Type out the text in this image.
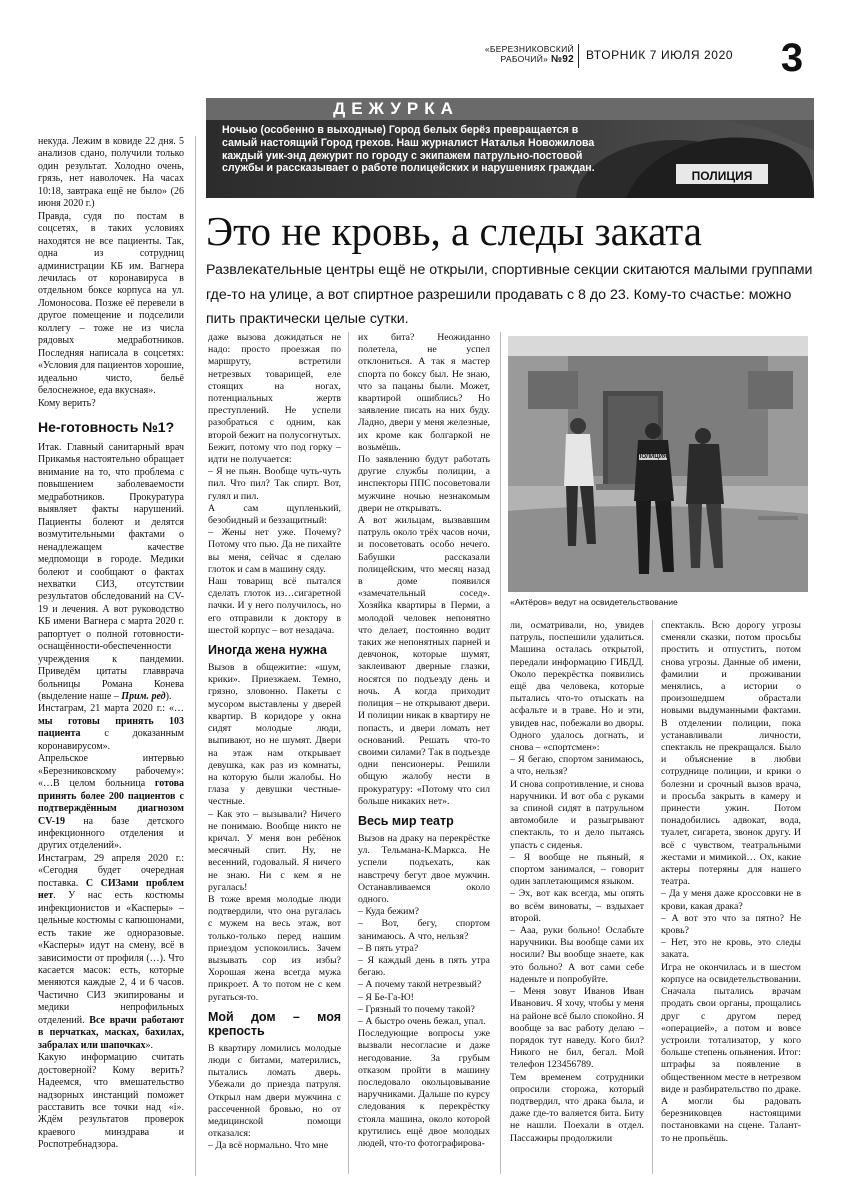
«БЕРЕЗНИКОВСКИЙ
РАБОЧИЙ» №92 ВТОРНИК 7 ИЮЛЯ 2020 3
ДЕЖУРКА
Ночью (особенно в выходные) Город белых берёз превращается в самый настоящий Город грехов. Наш журналист Наталья Новожилова каждый уик-энд дежурит по городу с экипажем патрульно-постовой службы и рассказывает о работе полицейских и нарушениях граждан.
ПОЛИЦИЯ
Это не кровь, а следы заката
Развлекательные центры ещё не открыли, спортивные секции скитаются малыми группами где-то на улице, а вот спиртное разрешили продавать с 8 до 23. Кому-то счастье: можно пить практически целые сутки.

некуда. Лежим в ковиде 22 дня. 5 анализов сдано, получили только один результат. Холодно очень, грязь, нет наволочек. На часах 10:18, завтрака ещё не было» (26 июня 2020 г.)

Правда, судя по постам в соцсетях, в таких условиях находятся не все пациенты. Так, одна из сотрудниц администрации КБ им. Вагнера лечилась от коронавируса в отдельном боксе корпуса на ул. Ломоносова. Позже её перевели в другое помещение и подселили коллегу – тоже не из числа рядовых медработников. Последняя написала в соцсетях: «Условия для пациентов хорошие, идеально чисто, бельё белоснежное, еда вкусная».

Кому верить?

Не-готовность №1?

Итак. Главный санитарный врач Прикамья настоятельно обращает внимание на то, что проблема с повышением заболеваемости медработников. Прокуратура выявляет факты нарушений. Пациенты болеют и делятся возмутительными фактами о ненадлежащем качестве медпомощи в городе. Медики болеют и сообщают о фактах нехватки СИЗ, отсутствии результатов обследований на CV-19 и лечения. А вот руководство КБ имени Вагнера с марта 2020 г. рапортует о полной готовности-оснащённости-обеспеченности учреждения к пандемии. Приведём цитаты главврача больницы Романа Конева (выделение наше – Прим. ред).

Инстаграм, 21 марта 2020 г.: «…мы готовы принять 103 пациента с доказанным коронавирусом».

Апрельское интервью «Березниковскому рабочему»: «…В целом больница готова принять более 200 пациентов с подтверждённым диагнозом CV-19 на базе детского инфекционного отделения и других отделений».

Инстаграм, 29 апреля 2020 г.: «Сегодня будет очередная поставка. С СИЗами проблем нет. У нас есть костюмы инфекционистов и «Касперы» – цельные костюмы с капюшонами, есть такие же одноразовые. «Касперы» идут на смену, всё в зависимости от профиля (…). Что касается масок: есть, которые меняются каждые 2, 4 и 6 часов. Частично СИЗ экипированы и медики непрофильных отделений. Все врачи работают в перчатках, масках, бахилах, забралах или шапочках».

Какую информацию считать достоверной? Кому верить? Надеемся, что вмешательство надзорных инстанций поможет расставить все точки над «i». Ждём результатов проверок краевого минздрава и Роспотребнадзора.

даже вызова дожидаться не надо: просто проезжая по маршруту, встретили нетрезвых товарищей, еле стоящих на ногах, потенциальных жертв преступлений. Не успели разобраться с одним, как второй бежит на полусогнутых. Бежит, потому что под горку – идти не получается:

– Я не пьян. Вообще чуть-чуть пил. Что пил? Так спирт. Вот, гулял и пил.

А сам щупленький, безобидный и беззащитный:

– Жены нет уже. Почему? Потому что пью. Да не пихайте вы меня, сейчас я сделаю глоток и сам в машину сяду.

Наш товарищ всё пытался сделать глоток из…сигаретной пачки. И у него получилось, но его отправили к доктору в шестой корпус – вот незадача.

Иногда жена нужна

Вызов в общежитие: «шум, крики». Приезжаем. Темно, грязно, зловонно. Пакеты с мусором выставлены у дверей квартир. В коридоре у окна сидят молодые люди, выпивают, но не шумят. Двери на этаж нам открывает девушка, как раз из комнаты, на которую были жалобы. Но глаза у девушки честные-честные.

– Как это – вызывали? Ничего не понимаю. Вообще никто не кричал. У меня вон ребёнок месячный спит. Ну, не весенний, годовалый. Я ничего не знаю. Ни с кем я не ругалась!

В тоже время молодые люди подтвердили, что она ругалась с мужем на весь этаж, вот только-только перед нашим приездом успокоились. Зачем вызывать сор из избы? Хорошая жена всегда мужа прикроет. А то потом не с кем ругаться-то.

Мой дом – моя крепость

В квартиру ломились молодые люди с битами, матерились, пытались ломать дверь. Убежали до приезда патруля. Открыл нам двери мужчина с рассеченной бровью, но от медицинской помощи отказался:

– Да всё нормально. Что мне

их бита? Неожиданно полетела, не успел отклониться. А так я мастер спорта по боксу был. Не знаю, что за пацаны были. Может, квартирой ошиблись? Но заявление писать на них буду. Ладно, двери у меня железные, их кроме как болгаркой не возьмёшь.

По заявлению будут работать другие службы полиции, а инспекторы ППС посоветовали мужчине ночью незнакомым двери не открывать.

А вот жильцам, вызвавшим патруль около трёх часов ночи, и посоветовать особо нечего. Бабушки рассказали полицейским, что месяц назад в доме появился «замечательный сосед». Хозяйка квартиры в Перми, а молодой человек непонятно что делает, постоянно водит таких же непонятных парней и девчонок, которые шумят, заклеивают дверные глазки, носятся по подъезду день и ночь. А когда приходит полиция – не открывают двери. И полиции никак в квартиру не попасть, и двери ломать нет оснований. Решать что-то своими силами? Так в подъезде одни пенсионеры. Решили общую жалобу нести в прокуратуру: «Потому что сил больше никаких нет».

Весь мир театр

Вызов на драку на перекрёстке ул. Тельмана-К.Маркса. Не успели подъехать, как навстречу бегут двое мужчин. Останавливаемся около одного.

– Куда бежим?

– Вот, бегу, спортом занимаюсь. А что, нельзя?

– В пять утра?

– Я каждый день в пять утра бегаю.

– А почему такой нетрезвый?

– Я Бе-Га-Ю!

– Грязный то почему такой?

– А быстро очень бежал, упал.

Последующие вопросы уже вызвали несогласие и даже негодование. За грубым отказом пройти в машину последовало окольцовывание наручниками. Дальше по курсу следования к перекрёстку стояла машина, около которой крутились ещё двое молодых людей, что-то фотографирова-

ПОЛИЦИЯ
«Актёров» ведут на освидетельствование

ли, осматривали, но, увидев патруль, поспешили удалиться. Машина осталась открытой, передали информацию ГИБДД. Около перекрёстка появились ещё два человека, которые пытались что-то отыскать на асфальте и в траве. Но и эти, увидев нас, побежали во дворы. Одного удалось догнать, и снова – «спортсмен»:

– Я бегаю, спортом занимаюсь, а что, нельзя?

И снова сопротивление, и снова наручники. И вот оба с руками за спиной сидят в патрульном автомобиле и разыгрывают спектакль, то и дело пытаясь упасть с сиденья.

– Я вообще не пьяный, я спортом занимался, – говорит один заплетающимся языком.

– Эх, вот как всегда, мы опять во всём виноваты, – вздыхает второй.

– Ааа, руки больно! Ослабьте наручники. Вы вообще сами их носили? Вы вообще знаете, как это больно? А вот сами себе наденьте и попробуйте.

– Меня зовут Иванов Иван Иванович. Я хочу, чтобы у меня на районе всё было спокойно. Я вообще за вас работу делаю – порядок тут наведу. Кого бил? Никого не бил, бегал. Мой телефон 123456789.

Тем временем сотрудники опросили сторожа, который подтвердил, что драка была, и даже где-то валяется бита. Биту не нашли. Поехали в отдел. Пассажиры продолжили

спектакль. Всю дорогу угрозы сменяли сказки, потом просьбы простить и отпустить, потом снова угрозы. Данные об имени, фамилии и проживании менялись, а истории о произошедшем обрастали новыми выдуманными фактами. В отделении полиции, пока устанавливали личности, спектакль не прекращался. Было и объяснение в любви сотруднице полиции, и крики о болезни и срочный вызов врача, и просьба закрыть в камеру и принести ужин. Потом понадобились адвокат, вода, туалет, сигарета, звонок другу. И всё с чувством, театральными жестами и мимикой… Ох, какие актеры потеряны для нашего театра.

– Да у меня даже кроссовки не в крови, какая драка?

– А вот это что за пятно? Не кровь?

– Нет, это не кровь, это следы заката.

Игра не окончилась и в шестом корпусе на освидетельствовании. Сначала пытались врачам продать свои органы, прощались друг с другом перед «операцией», а потом и вовсе устроили тотализатор, у кого больше степень опьянения. Итог: штрафы за появление в общественном месте в нетрезвом виде и разбирательство по драке. А могли бы радовать березниковцев настоящими постановками на сцене. Талант-то не пропьёшь.
